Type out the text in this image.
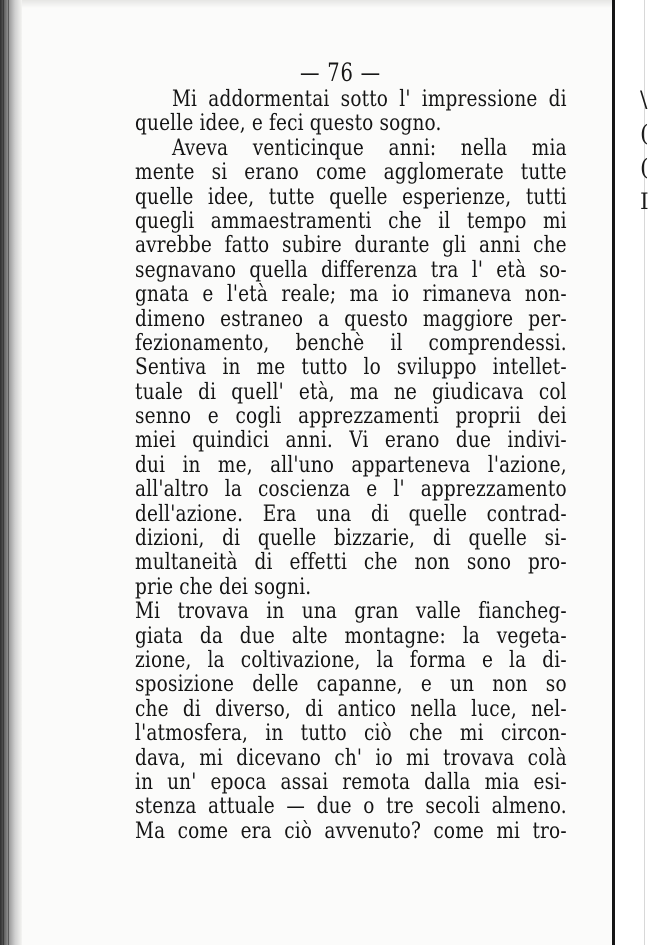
\
(
(
I
— 76 —
Mi addormentai sotto l' impressione di
quelle idee, e feci questo sogno.
Aveva venticinque anni: nella mia
mente si erano come agglomerate tutte
quelle idee, tutte quelle esperienze, tutti
quegli ammaestramenti che il tempo mi
avrebbe fatto subire durante gli anni che
segnavano quella differenza tra l' età so-
gnata e l'età reale; ma io rimaneva non-
dimeno estraneo a questo maggiore per-
fezionamento, benchè il comprendessi.
Sentiva in me tutto lo sviluppo intellet-
tuale di quell' età, ma ne giudicava col
senno e cogli apprezzamenti proprii dei
miei quindici anni. Vi erano due indivi-
dui in me, all'uno apparteneva l'azione,
all'altro la coscienza e l' apprezzamento
dell'azione. Era una di quelle contrad-
dizioni, di quelle bizzarie, di quelle si-
multaneità di effetti che non sono pro-
prie che dei sogni.
Mi trovava in una gran valle fiancheg-
giata da due alte montagne: la vegeta-
zione, la coltivazione, la forma e la di-
sposizione delle capanne, e un non so
che di diverso, di antico nella luce, nel-
l'atmosfera, in tutto ciò che mi circon-
dava, mi dicevano ch' io mi trovava colà
in un' epoca assai remota dalla mia esi-
stenza attuale — due o tre secoli almeno.
Ma come era ciò avvenuto? come mi tro-
